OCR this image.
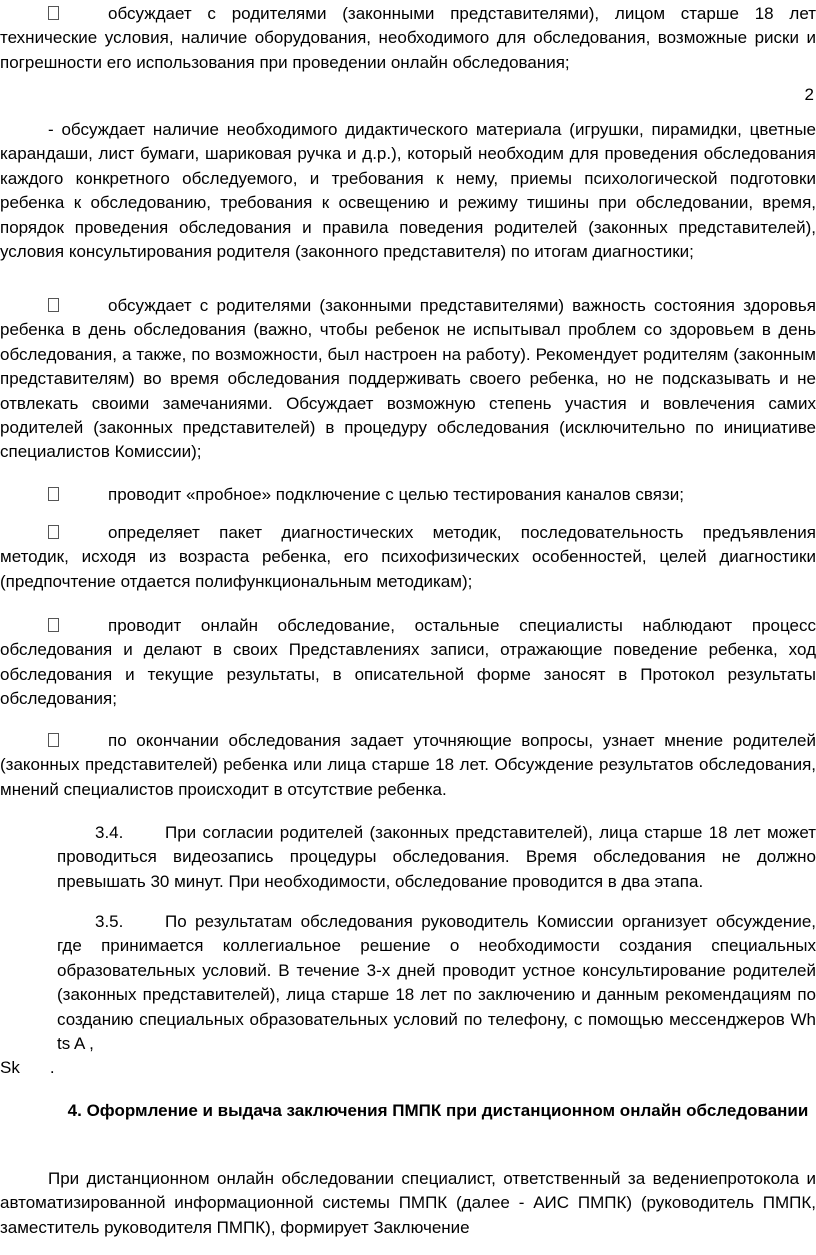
обсуждает с родителями (законными представителями), лицом старше 18 лет технические условия, наличие оборудования, необходимого для обследования, возможные риски и погрешности его использования при проведении онлайн обследования;

2

- обсуждает наличие необходимого дидактического материала (игрушки, пирамидки, цветные карандаши, лист бумаги, шариковая ручка и д.р.), который необходим для проведения обследования каждого конкретного обследуемого, и требования к нему, приемы психологической подготовки ребенка к обследованию, требования к освещению и режиму тишины при обследовании, время, порядок проведения обследования и правила поведения родителей (законных представителей), условия консультирования родителя (законного представителя) по итогам диагностики;

обсуждает с родителями (законными представителями) важность состояния здоровья ребенка в день обследования (важно, чтобы ребенок не испытывал проблем со здоровьем в день обследования, а также, по возможности, был настроен на работу). Рекомендует родителям (законным представителям) во время обследования поддерживать своего ребенка, но не подсказывать и не отвлекать своими замечаниями. Обсуждает возможную степень участия и вовлечения самих родителей (законных представителей) в процедуру обследования (исключительно по инициативе специалистов Комиссии);

проводит «пробное» подключение с целью тестирования каналов связи;

определяет пакет диагностических методик, последовательность предъявления методик, исходя из возраста ребенка, его психофизических особенностей, целей диагностики (предпочтение отдается полифункциональным методикам);

проводит онлайн обследование, остальные специалисты наблюдают процесс обследования и делают в своих Представлениях записи, отражающие поведение ребенка, ход обследования и текущие результаты, в описательной форме заносят в Протокол результаты обследования;

по окончании обследования задает уточняющие вопросы, узнает мнение родителей (законных представителей) ребенка или лица старше 18 лет. Обсуждение результатов обследования, мнений специалистов происходит в отсутствие ребенка.

3.4. При согласии родителей (законных представителей), лица старше 18 лет может проводиться видеозапись процедуры обследования. Время обследования не должно превышать 30 минут. При необходимости, обследование проводится в два этапа.

3.5. По результатам обследования руководитель Комиссии организует обсуждение, где принимается коллегиальное решение о необходимости создания специальных образовательных условий. В течение 3-х дней проводит устное консультирование родителей (законных представителей), лица старше 18 лет по заключению и данным рекомендациям по созданию специальных образовательных условий по телефону, с помощью мессенджеров Wh ts A ,

Sk .

4. Оформление и выдача заключения ПМПК при дистанционном онлайн обследовании

При дистанционном онлайн обследовании специалист, ответственный за ведениепротокола и автоматизированной информационной системы ПМПК (далее - АИС ПМПК) (руководитель ПМПК, заместитель руководителя ПМПК), формирует Заключение
